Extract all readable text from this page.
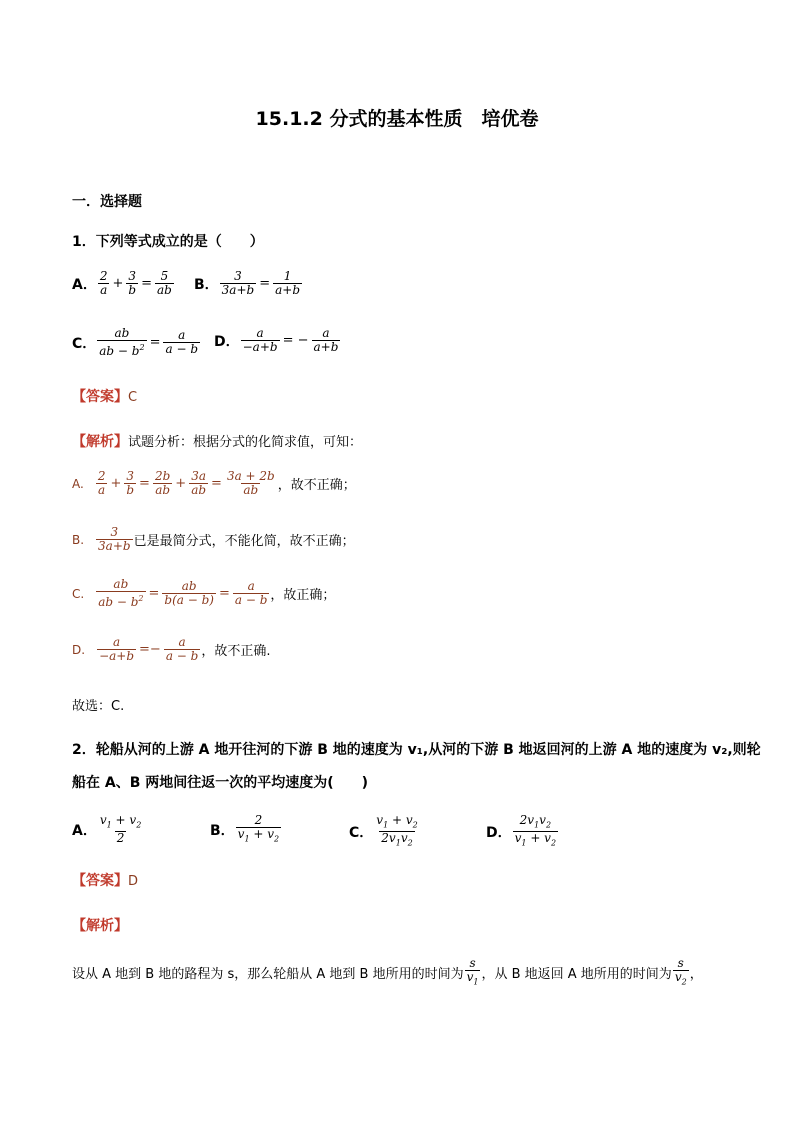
15.1.2 分式的基本性质　培优卷
一．选择题
1．下列等式成立的是（　　）
A． $\frac{2}{a} + \frac{3}{b} = \frac{5}{ab}$ B． $\frac{3}{3a+b} = \frac{1}{a+b}$
C． $\frac{ab}{ab - b^2} = \frac{a}{a - b}$ D． $\frac{a}{-a+b}$ = − $\frac{a}{a+b}$
【答案】C
【解析】试题分析：根据分式的化简求值，可知：
A. $\frac{2}{a} + \frac{3}{b} = \frac{2b}{ab} + \frac{3a}{ab} = \frac{3a + 2b}{ab}$ ，故不正确；
B. $\frac{3}{3a+b}$ 已是最简分式，不能化简，故不正确；
C. $\frac{ab}{ab - b^2} = \frac{ab}{b(a - b)} = \frac{a}{a - b}$ ，故正确；
D. $\frac{a}{-a+b} =- \frac{a}{a - b}$ ，故不正确.
故选：C.
2．轮船从河的上游 A 地开往河的下游 B 地的速度为 v₁,从河的下游 B 地返回河的上游 A 地的速度为 v₂,则轮
船在 A、B 两地间往返一次的平均速度为(　　)
A． $\frac{v_1 + v_2}{2}$	B． $\frac{2}{v_1 + v_2}$	C． $\frac{v_1 + v_2}{2v_1v_2}$	D． $\frac{2v_1v_2}{v_1 + v_2}$
【答案】D
【解析】
设从 A 地到 B 地的路程为 s，那么轮船从 A 地到 B 地所用的时间为 $\frac{s}{v_1}$ ，从 B 地返回 A 地所用的时间为 $\frac{s}{v_2}$ ，
